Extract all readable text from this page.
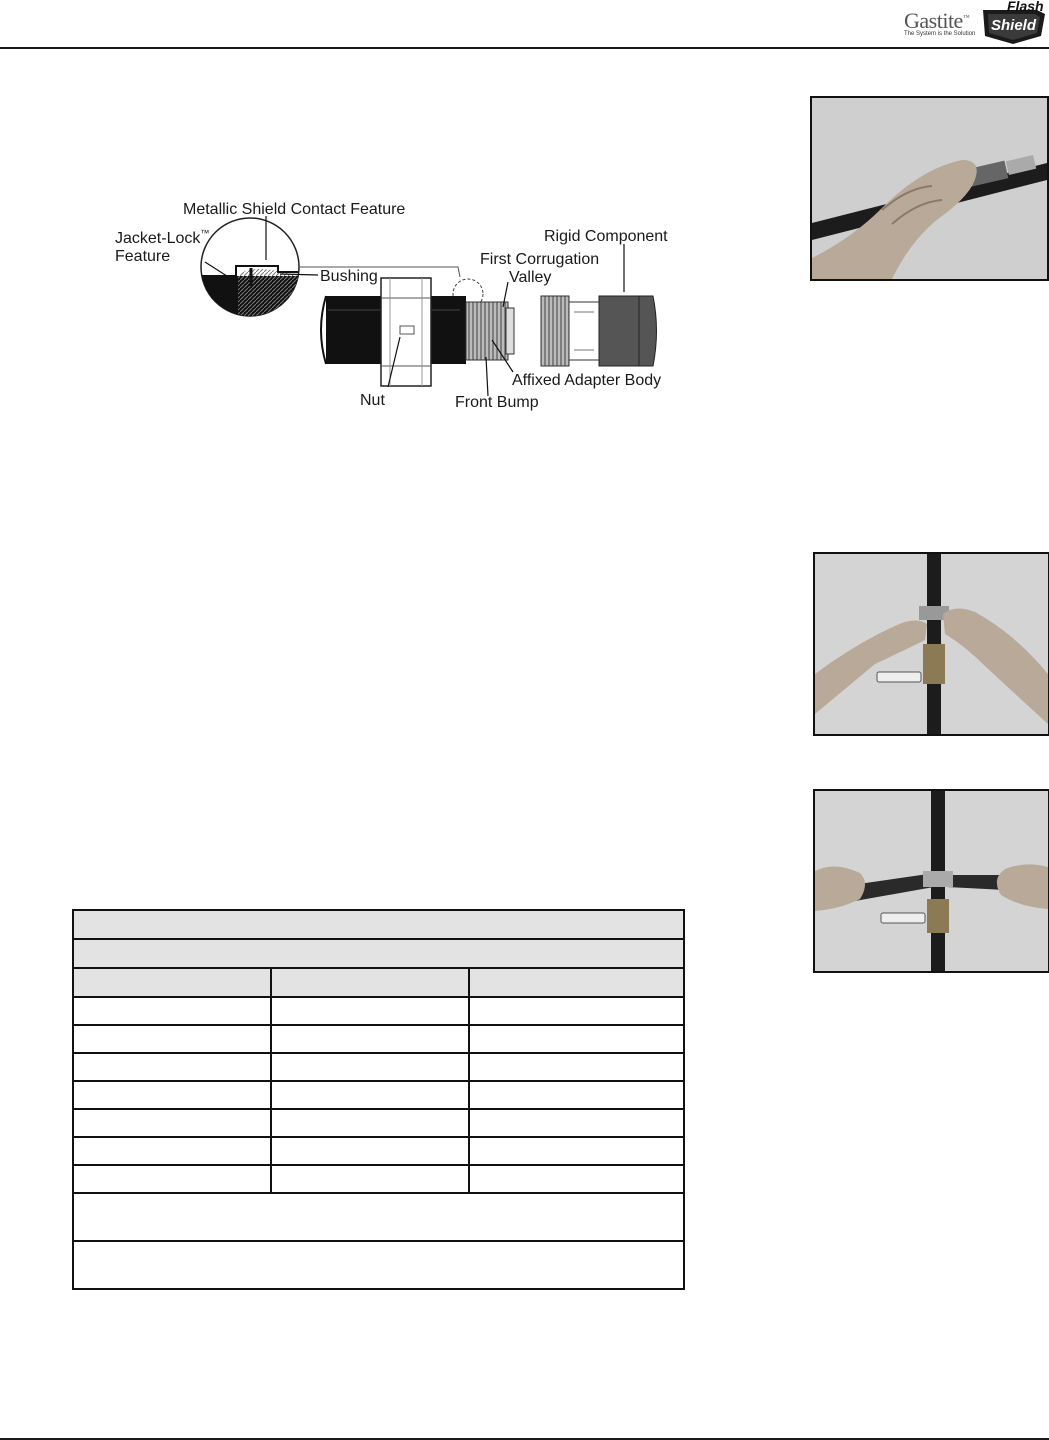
Gastite™
The System is the Solution
Flash
Shield
Metallic Shield Contact Feature
Jacket-Lock™
Feature
Bushing
Rigid Component
First Corrugation
Valley
Affixed Adapter Body
Nut	Front Bump
